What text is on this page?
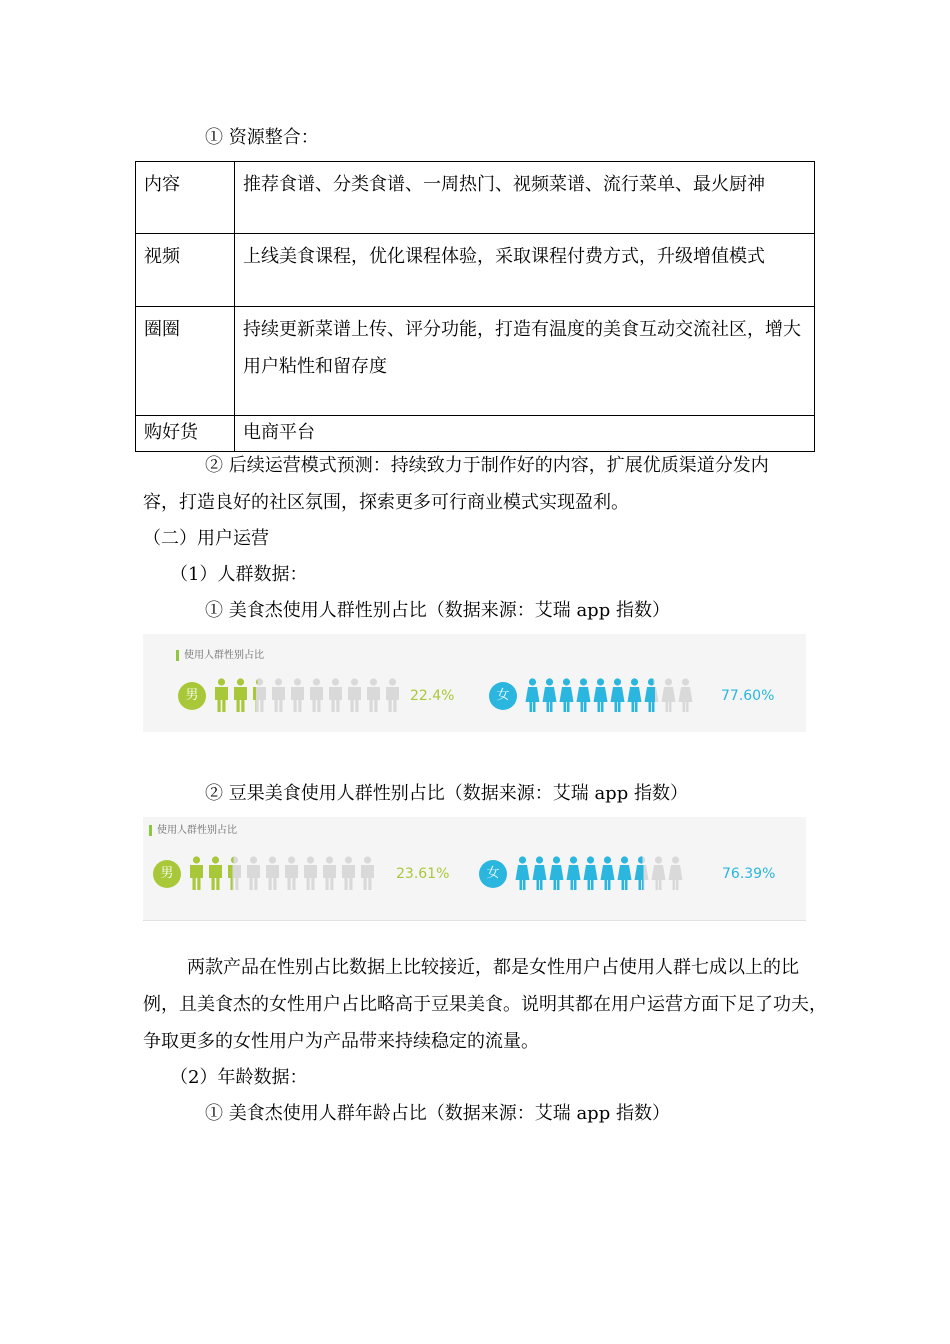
① 资源整合：
内容	推荐食谱、分类食谱、一周热门、视频菜谱、流行菜单、最火厨神
视频	上线美食课程，优化课程体验，采取课程付费方式，升级增值模式
圈圈	持续更新菜谱上传、评分功能，打造有温度的美食互动交流社区，增大用户粘性和留存度
购好货	电商平台
② 后续运营模式预测：持续致力于制作好的内容，扩展优质渠道分发内
容，打造良好的社区氛围，探索更多可行商业模式实现盈利。
（二）用户运营
（1）人群数据：
① 美食杰使用人群性别占比（数据来源：艾瑞 app 指数）
使用人群性别占比
男	22.4%	女	77.60%
② 豆果美食使用人群性别占比（数据来源：艾瑞 app 指数）
使用人群性别占比
男	23.61%	女	76.39%
两款产品在性别占比数据上比较接近，都是女性用户占使用人群七成以上的比
例，且美食杰的女性用户占比略高于豆果美食。说明其都在用户运营方面下足了功夫，
争取更多的女性用户为产品带来持续稳定的流量。
（2）年龄数据：
① 美食杰使用人群年龄占比（数据来源：艾瑞 app 指数）
